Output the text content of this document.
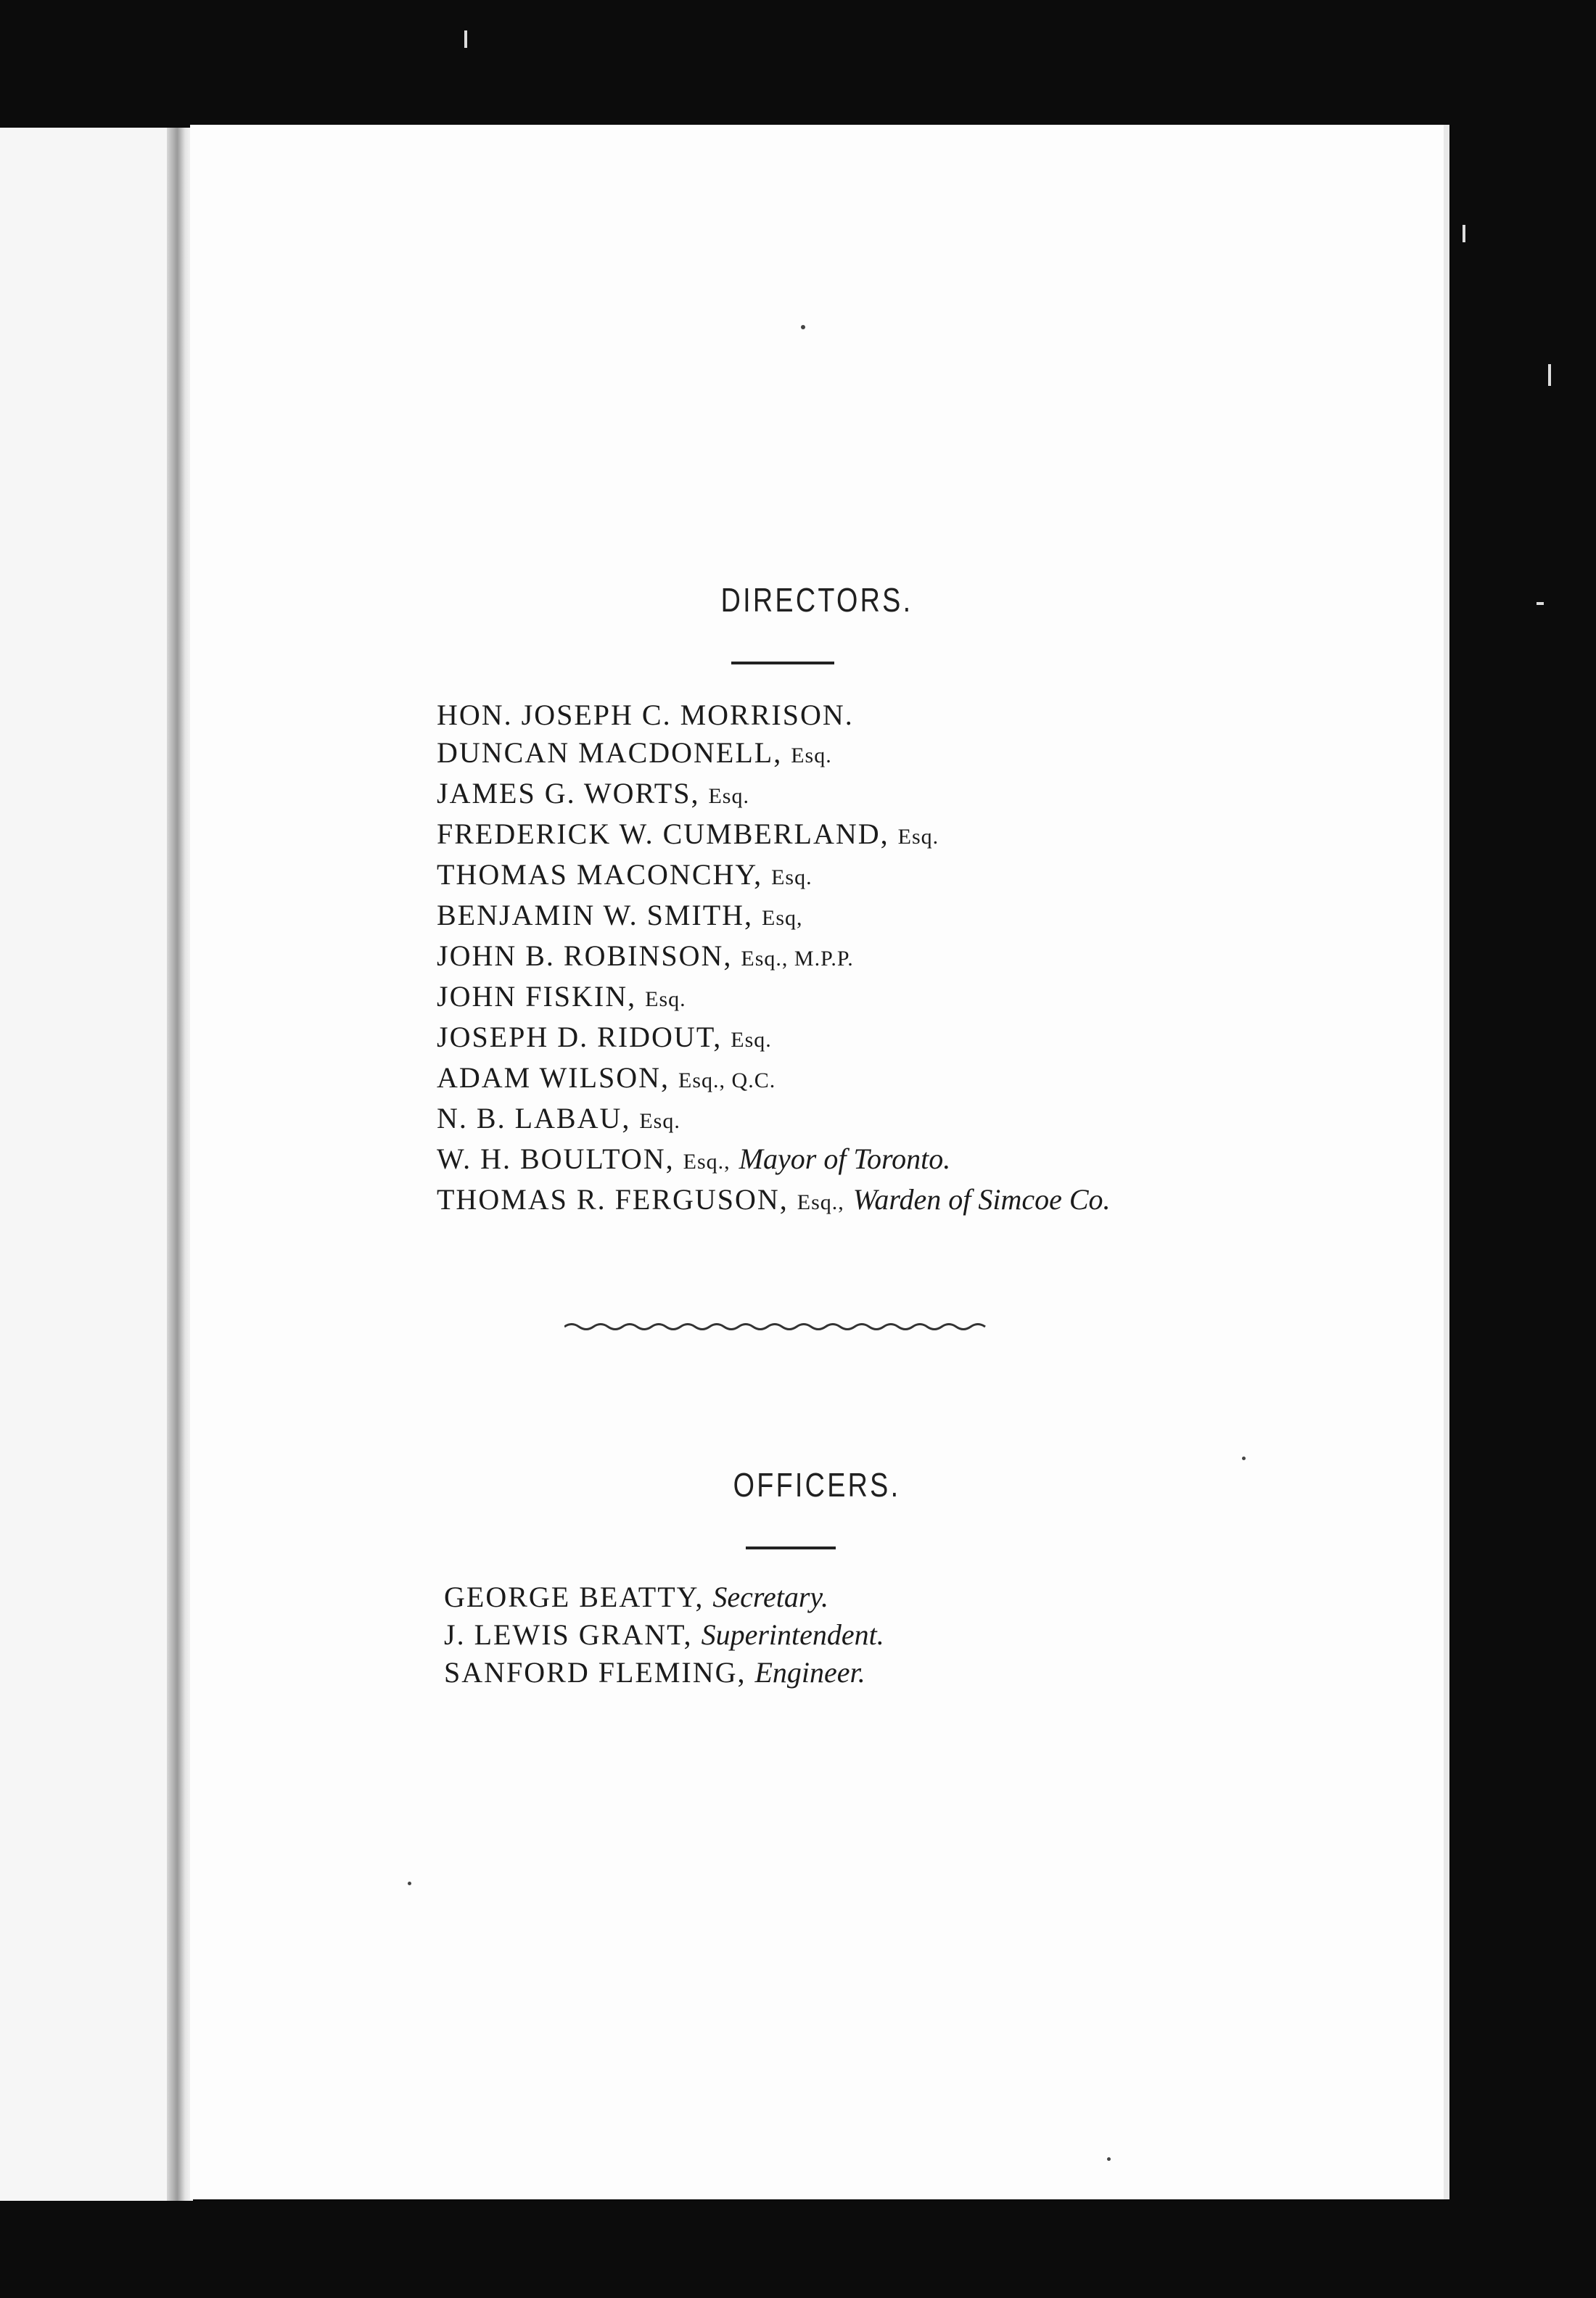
DIRECTORS.
HON. JOSEPH C. MORRISON.
DUNCAN MACDONELL, Esq.
JAMES G. WORTS, Esq.
FREDERICK W. CUMBERLAND, Esq.
THOMAS MACONCHY, Esq.
BENJAMIN W. SMITH, Esq,
JOHN B. ROBINSON, Esq., M.P.P.
JOHN FISKIN, Esq.
JOSEPH D. RIDOUT, Esq.
ADAM WILSON, Esq., Q.C.
N. B. LABAU, Esq.
W. H. BOULTON, Esq., Mayor of Toronto.
THOMAS R. FERGUSON, Esq., Warden of Simcoe Co.
OFFICERS.
GEORGE BEATTY, Secretary.
J. LEWIS GRANT, Superintendent.
SANFORD FLEMING, Engineer.
